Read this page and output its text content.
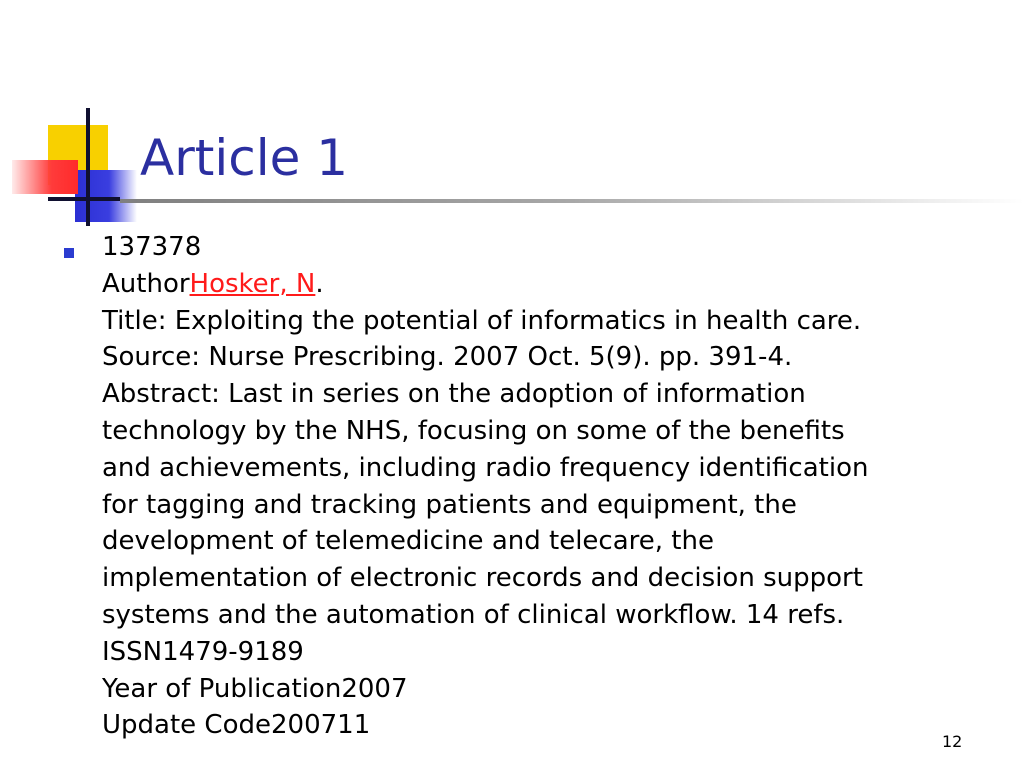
Article 1
137378
AuthorHosker, N.
Title: Exploiting the potential of informatics in health care.
Source: Nurse Prescribing. 2007 Oct. 5(9). pp. 391-4.
Abstract: Last in series on the adoption of information
technology by the NHS, focusing on some of the benefits
and achievements, including radio frequency identification
for tagging and tracking patients and equipment, the
development of telemedicine and telecare, the
implementation of electronic records and decision support
systems and the automation of clinical workflow. 14 refs.
ISSN1479-9189
Year of Publication2007
Update Code200711
12
